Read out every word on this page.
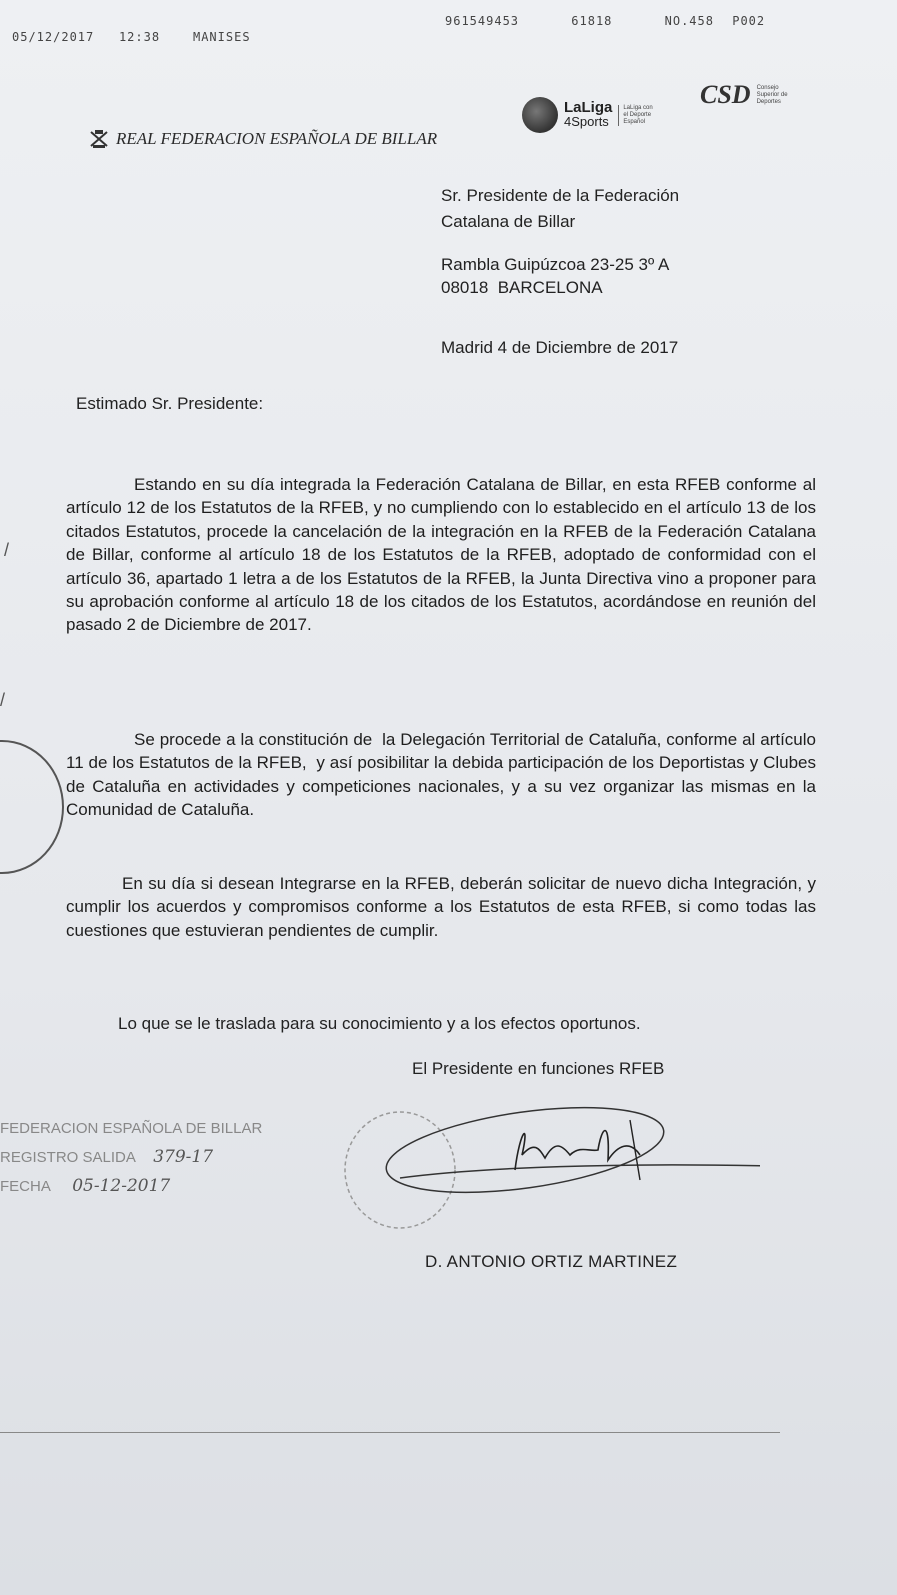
05/12/2017 12:38	MANISES
961549453	61818	NO.458 P002
REAL FEDERACION ESPAÑOLA DE BILLAR
LaLiga
4Sports
LaLiga con el Deporte Español
CSD Consejo Superior de Deportes
Sr. Presidente de la Federación
Catalana de Billar
Rambla Guipúzcoa 23-25 3º A
08018  BARCELONA
Madrid 4 de Diciembre de 2017
Estimado Sr. Presidente:
Estando en su día integrada la Federación Catalana de Billar, en esta RFEB conforme al artículo 12 de los Estatutos de la RFEB, y no cumpliendo con lo establecido en el artículo 13 de los citados Estatutos, procede la cancelación de la integración en la RFEB de la Federación Catalana de Billar, conforme al artículo 18 de los Estatutos de la RFEB, adoptado de conformidad con el artículo 36, apartado 1 letra a de los Estatutos de la RFEB, la Junta Directiva vino a proponer para su aprobación conforme al artículo 18 de los citados de los Estatutos, acordándose en reunión del pasado 2 de Diciembre de 2017.
Se procede a la constitución de  la Delegación Territorial de Cataluña, conforme al artículo 11 de los Estatutos de la RFEB,  y así posibilitar la debida participación de los Deportistas y Clubes de Cataluña en actividades y competiciones nacionales, y a su vez organizar las mismas en la Comunidad de Cataluña.
En su día si desean Integrarse en la RFEB, deberán solicitar de nuevo dicha Integración, y cumplir los acuerdos y compromisos conforme a los Estatutos de esta RFEB, si como todas las cuestiones que estuvieran pendientes de cumplir.
Lo que se le traslada para su conocimiento y a los efectos oportunos.
El Presidente en funciones RFEB
D. ANTONIO ORTIZ MARTINEZ
FEDERACION ESPAÑOLA DE BILLAR
REGISTRO SALIDA 379-17
FECHA 05-12-2017
/
/
